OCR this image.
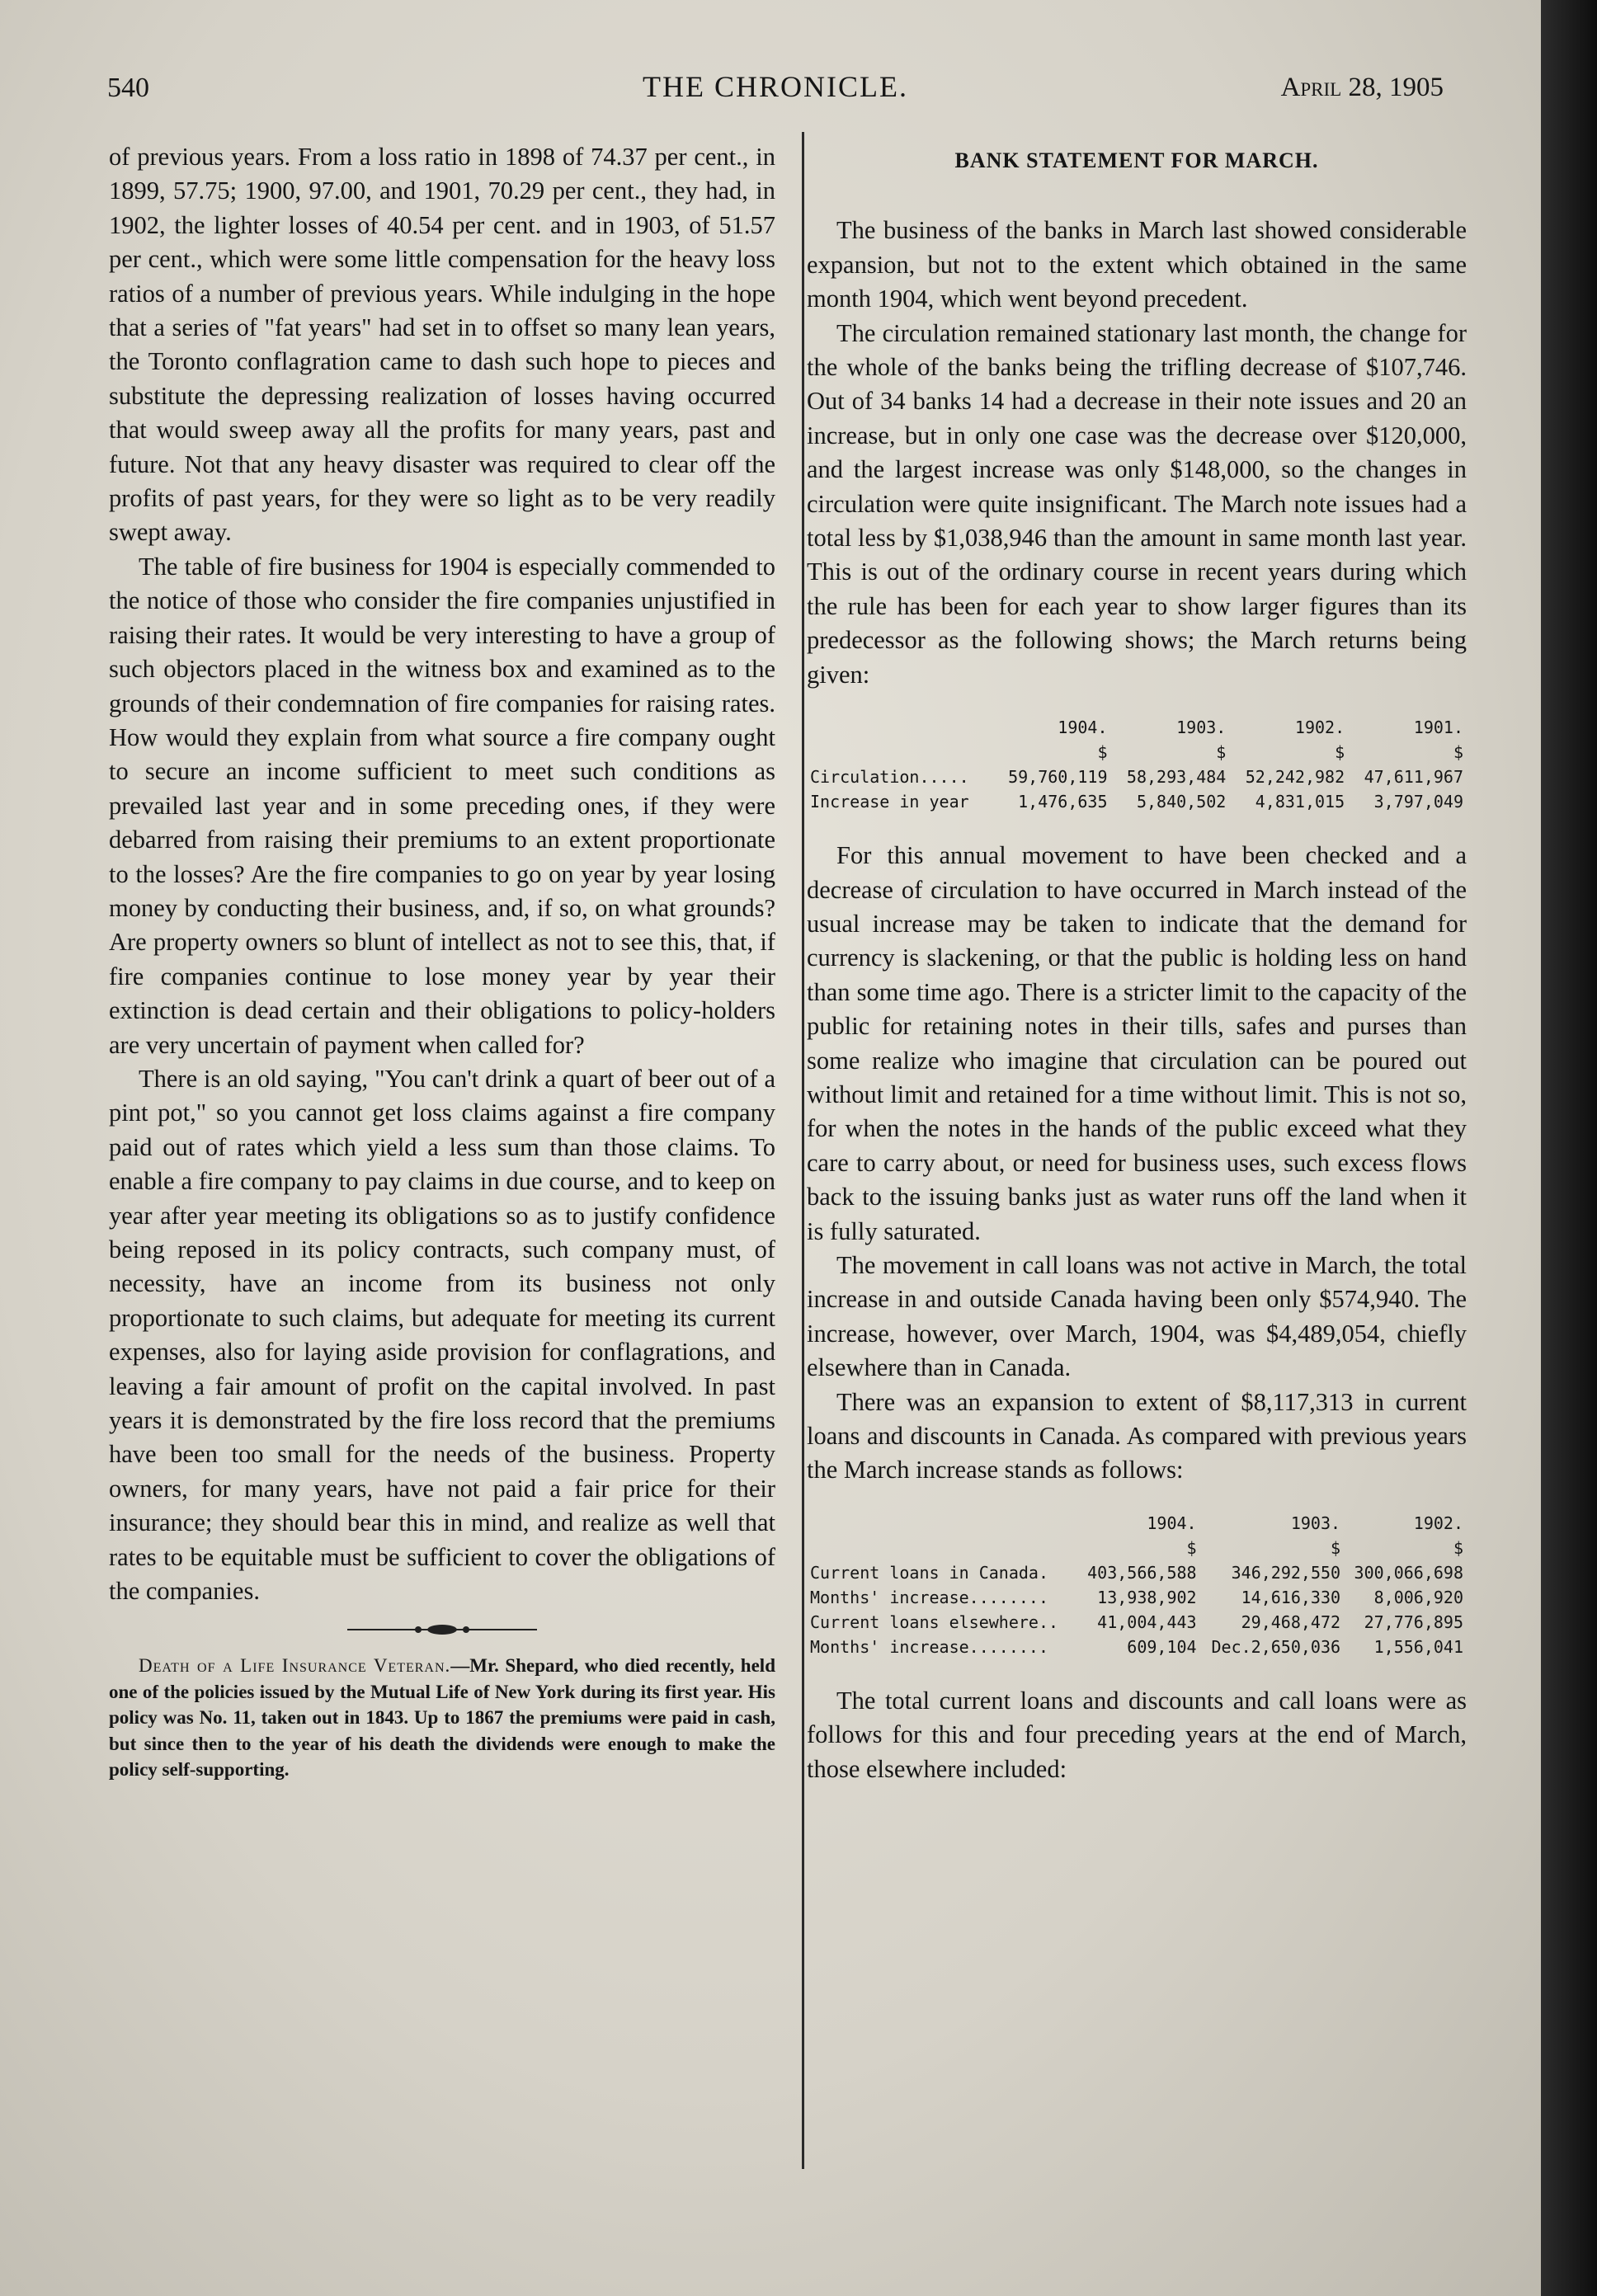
540	THE CHRONICLE.	April 28, 1905

of previous years. From a loss ratio in 1898 of 74.37 per cent., in 1899, 57.75; 1900, 97.00, and 1901, 70.29 per cent., they had, in 1902, the lighter losses of 40.54 per cent. and in 1903, of 51.57 per cent., which were some little compensation for the heavy loss ratios of a number of previous years. While indulging in the hope that a series of "fat years" had set in to offset so many lean years, the Toronto conflagration came to dash such hope to pieces and substitute the depressing realization of losses having occurred that would sweep away all the profits for many years, past and future. Not that any heavy disaster was required to clear off the profits of past years, for they were so light as to be very readily swept away.

The table of fire business for 1904 is especially commended to the notice of those who consider the fire companies unjustified in raising their rates. It would be very interesting to have a group of such objectors placed in the witness box and examined as to the grounds of their condemnation of fire companies for raising rates. How would they explain from what source a fire company ought to secure an income sufficient to meet such conditions as prevailed last year and in some preceding ones, if they were debarred from raising their premiums to an extent proportionate to the losses? Are the fire companies to go on year by year losing money by conducting their business, and, if so, on what grounds? Are property owners so blunt of intellect as not to see this, that, if fire companies continue to lose money year by year their extinction is dead certain and their obligations to policy-holders are very uncertain of payment when called for?

There is an old saying, "You can't drink a quart of beer out of a pint pot," so you cannot get loss claims against a fire company paid out of rates which yield a less sum than those claims. To enable a fire company to pay claims in due course, and to keep on year after year meeting its obligations so as to justify confidence being reposed in its policy contracts, such company must, of necessity, have an income from its business not only proportionate to such claims, but adequate for meeting its current expenses, also for laying aside provision for conflagrations, and leaving a fair amount of profit on the capital involved. In past years it is demonstrated by the fire loss record that the premiums have been too small for the needs of the business. Property owners, for many years, have not paid a fair price for their insurance; they should bear this in mind, and realize as well that rates to be equitable must be sufficient to cover the obligations of the companies.

Death of a Life Insurance Veteran.—Mr. Shepard, who died recently, held one of the policies issued by the Mutual Life of New York during its first year. His policy was No. 11, taken out in 1843. Up to 1867 the premiums were paid in cash, but since then to the year of his death the dividends were enough to make the policy self-supporting.

BANK STATEMENT FOR MARCH.

The business of the banks in March last showed considerable expansion, but not to the extent which obtained in the same month 1904, which went beyond precedent.

The circulation remained stationary last month, the change for the whole of the banks being the trifling decrease of $107,746. Out of 34 banks 14 had a decrease in their note issues and 20 an increase, but in only one case was the decrease over $120,000, and the largest increase was only $148,000, so the changes in circulation were quite insignificant. The March note issues had a total less by $1,038,946 than the amount in same month last year. This is out of the ordinary course in recent years during which the rule has been for each year to show larger figures than its predecessor as the following shows; the March returns being given:

	1904.	1903.	1902.	1901.
	$	$	$	$
Circulation.....	59,760,119	58,293,484	52,242,982	47,611,967
Increase in year	1,476,635	5,840,502	4,831,015	3,797,049

For this annual movement to have been checked and a decrease of circulation to have occurred in March instead of the usual increase may be taken to indicate that the demand for currency is slackening, or that the public is holding less on hand than some time ago. There is a stricter limit to the capacity of the public for retaining notes in their tills, safes and purses than some realize who imagine that circulation can be poured out without limit and retained for a time without limit. This is not so, for when the notes in the hands of the public exceed what they care to carry about, or need for business uses, such excess flows back to the issuing banks just as water runs off the land when it is fully saturated.

The movement in call loans was not active in March, the total increase in and outside Canada having been only $574,940. The increase, however, over March, 1904, was $4,489,054, chiefly elsewhere than in Canada.

There was an expansion to extent of $8,117,313 in current loans and discounts in Canada. As compared with previous years the March increase stands as follows:

	1904.	1903.	1902.
	$	$	$
Current loans in Canada.	403,566,588	346,292,550	300,066,698
Months' increase........	13,938,902	14,616,330	8,006,920
Current loans elsewhere..	41,004,443	29,468,472	27,776,895
Months' increase........	609,104	Dec.2,650,036	1,556,041

The total current loans and discounts and call loans were as follows for this and four preceding years at the end of March, those elsewhere included:
